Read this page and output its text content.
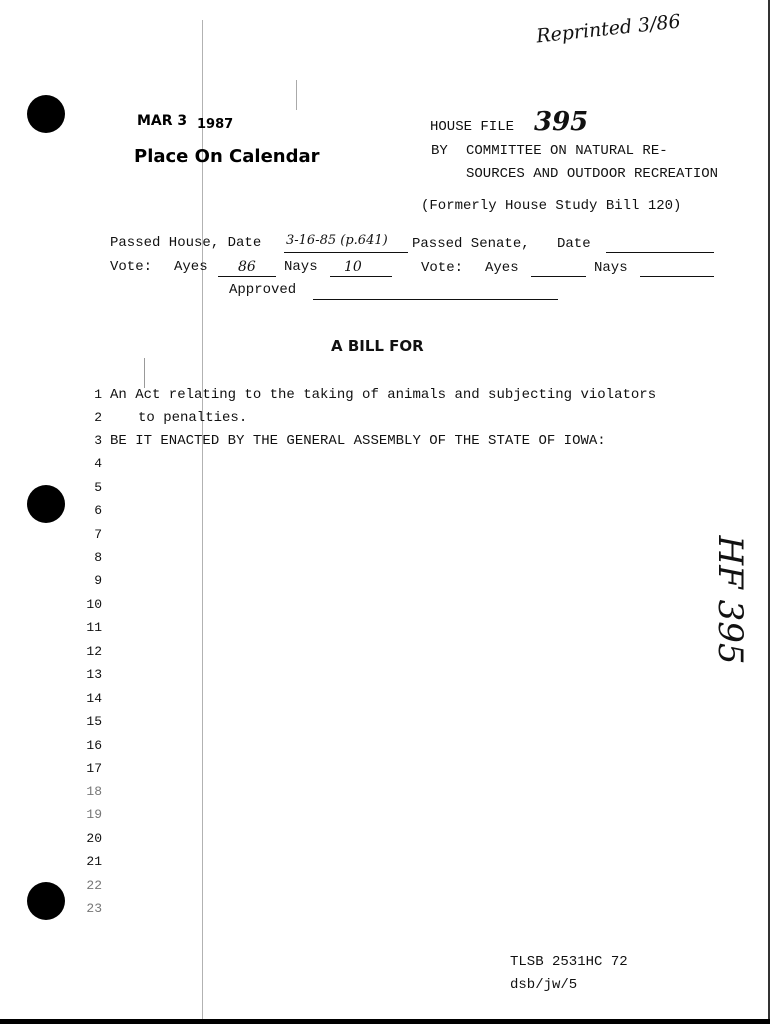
Reprinted 3/86
MAR 3 1987
Place On Calendar
HOUSE FILE 395
BY COMMITTEE ON NATURAL RE-
SOURCES AND OUTDOOR RECREATION
(Formerly House Study Bill 120)
Passed House, Date 3-16-85 (p.641) Passed Senate, Date
Vote: Ayes 86 Nays 10	Vote: Ayes	Nays
Approved
A BILL FOR
1
2
3
4
5
6
7
8
9
10
11
12
13
14
15
16
17
18
19
20
21
22
23
An Act relating to the taking of animals and subjecting violators
to penalties.
BE IT ENACTED BY THE GENERAL ASSEMBLY OF THE STATE OF IOWA:
HF 395
TLSB 2531HC 72
dsb/jw/5
